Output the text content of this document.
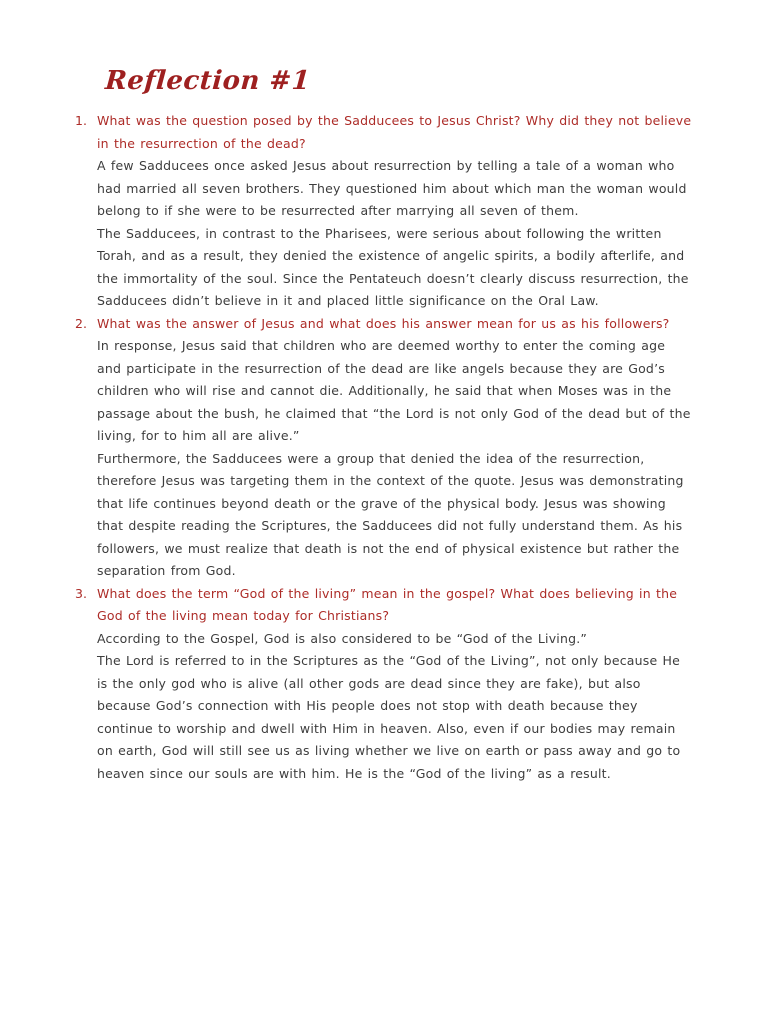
Reflection #1
1. What was the question posed by the Sadducees to Jesus Christ? Why did they not believe in the resurrection of the dead?

A few Sadducees once asked Jesus about resurrection by telling a tale of a woman who had married all seven brothers. They questioned him about which man the woman would belong to if she were to be resurrected after marrying all seven of them.

The Sadducees, in contrast to the Pharisees, were serious about following the written Torah, and as a result, they denied the existence of angelic spirits, a bodily afterlife, and the immortality of the soul. Since the Pentateuch doesn’t clearly discuss resurrection, the Sadducees didn’t believe in it and placed little significance on the Oral Law.

2. What was the answer of Jesus and what does his answer mean for us as his followers?

In response, Jesus said that children who are deemed worthy to enter the coming age and participate in the resurrection of the dead are like angels because they are God’s children who will rise and cannot die. Additionally, he said that when Moses was in the passage about the bush, he claimed that “the Lord is not only God of the dead but of the living, for to him all are alive.”

Furthermore, the Sadducees were a group that denied the idea of the resurrection, therefore Jesus was targeting them in the context of the quote. Jesus was demonstrating that life continues beyond death or the grave of the physical body. Jesus was showing that despite reading the Scriptures, the Sadducees did not fully understand them. As his followers, we must realize that death is not the end of physical existence but rather the separation from God.

3. What does the term “God of the living” mean in the gospel? What does believing in the God of the living mean today for Christians?

According to the Gospel, God is also considered to be “God of the Living.”

The Lord is referred to in the Scriptures as the “God of the Living”, not only because He is the only god who is alive (all other gods are dead since they are fake), but also because God’s connection with His people does not stop with death because they continue to worship and dwell with Him in heaven. Also, even if our bodies may remain on earth, God will still see us as living whether we live on earth or pass away and go to heaven since our souls are with him. He is the “God of the living” as a result.
